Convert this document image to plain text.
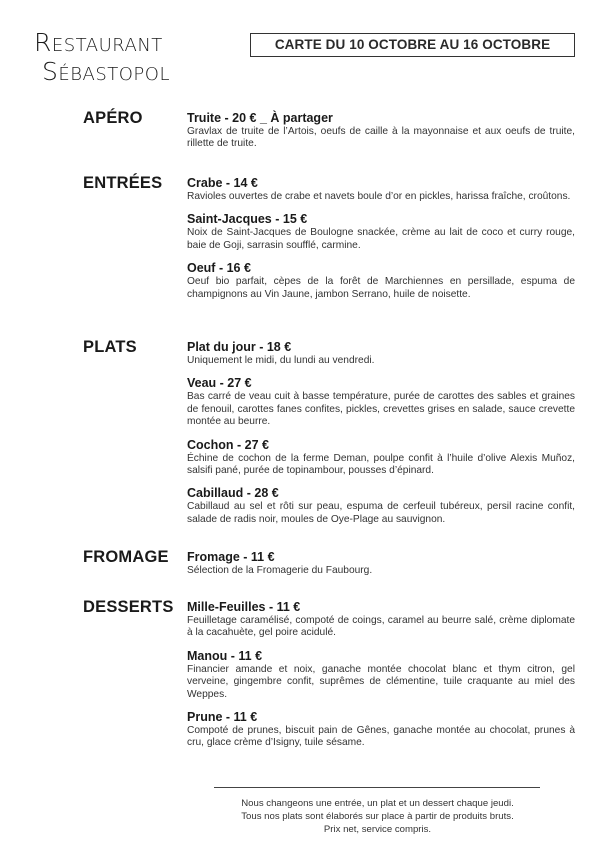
Restaurant
Sébastopol
CARTE DU 10 OCTOBRE AU 16 OCTOBRE
APÉRO	Truite - 20 € _ À partager
Gravlax de truite de l’Artois, oeufs de caille à la mayonnaise et aux oeufs de truite, rillette de truite.
ENTRÉES Crabe - 14 €
Ravioles ouvertes de crabe et navets boule d’or en pickles, harissa fraîche, croûtons.
Saint-Jacques - 15 €
Noix de Saint-Jacques de Boulogne snackée, crème au lait de coco et curry rouge, baie de Goji, sarrasin soufflé, carmine.
Oeuf - 16 €
Oeuf bio parfait, cèpes de la forêt de Marchiennes en persillade, espuma de champignons au Vin Jaune, jambon Serrano, huile de noisette.
PLATS	Plat du jour - 18 €
Uniquement le midi, du lundi au vendredi.
Veau - 27 €
Bas carré de veau cuit à basse température, purée de carottes des sables et graines de fenouil, carottes fanes confites, pickles, crevettes grises en salade, sauce crevette montée au beurre.
Cochon - 27 €
Échine de cochon de la ferme Deman, poulpe confit à l’huile d’olive Alexis Muñoz, salsifi pané, purée de topinambour, pousses d’épinard.
Cabillaud - 28 €
Cabillaud au sel et rôti sur peau, espuma de cerfeuil tubéreux, persil racine confit, salade de radis noir, moules de Oye-Plage au sauvignon.
FROMAGE Fromage - 11 €
Sélection de la Fromagerie du Faubourg.
DESSERTS Mille-Feuilles - 11 €
Feuilletage caramélisé, compoté de coings, caramel au beurre salé, crème diplomate à la cacahuète, gel poire acidulé.
Manou - 11 €
Financier amande et noix, ganache montée chocolat blanc et thym citron, gel verveine, gingembre confit, suprêmes de clémentine, tuile craquante au miel des Weppes.
Prune - 11 €
Compoté de prunes, biscuit pain de Gênes, ganache montée au chocolat, prunes à cru, glace crème d’Isigny, tuile sésame.
Nous changeons une entrée, un plat et un dessert chaque jeudi.
Tous nos plats sont élaborés sur place à partir de produits bruts.
Prix net, service compris.
